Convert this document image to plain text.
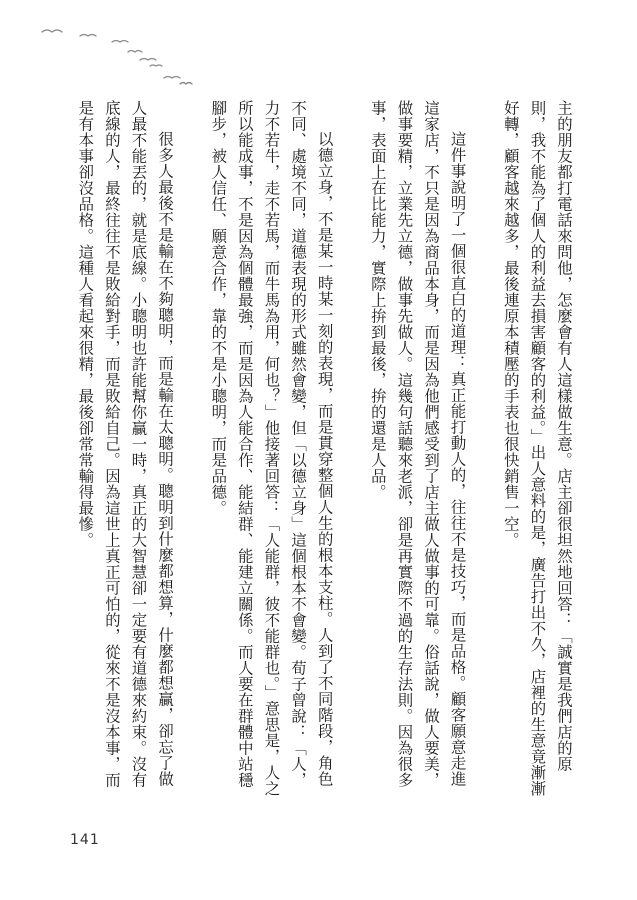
主的朋友都打電話來問他，怎麼會有人這樣做生意。店主卻很坦然地回答：「誠實是我們店的原則，我不能為了個人的利益去損害顧客的利益。」出人意料的是，廣告打出不久，店裡的生意竟漸漸好轉，顧客越來越多，最後連原本積壓的手表也很快銷售一空。

這件事說明了一個很直白的道理：真正能打動人的，往往不是技巧，而是品格。顧客願意走進這家店，不只是因為商品本身，而是因為他們感受到了店主做人做事的可靠。俗話說，做人要美，做事要精，立業先立德，做事先做人。這幾句話聽來老派，卻是再實際不過的生存法則。因為很多事，表面上在比能力，實際上拚到最後，拚的還是人品。

以德立身，不是某一時某一刻的表現，而是貫穿整個人生的根本支柱。人到了不同階段，角色不同、處境不同，道德表現的形式雖然會變，但「以德立身」這個根本不會變。荀子曾說：「人，力不若牛，走不若馬，而牛馬為用，何也？」他接著回答：「人能群，彼不能群也。」意思是，人之所以能成事，不是因為個體最強，而是因為人能合作、能結群、能建立關係。而人要在群體中站穩腳步，被人信任、願意合作，靠的不是小聰明，而是品德。

很多人最後不是輸在不夠聰明，而是輸在太聰明。聰明到什麼都想算，什麼都想贏，卻忘了做人最不能丟的，就是底線。小聰明也許能幫你贏一時，真正的大智慧卻一定要有道德來約束。沒有底線的人，最終往往不是敗給對手，而是敗給自己。因為這世上真正可怕的，從來不是沒本事，而是有本事卻沒品格。這種人看起來很精，最後卻常常輸得最慘。

141
